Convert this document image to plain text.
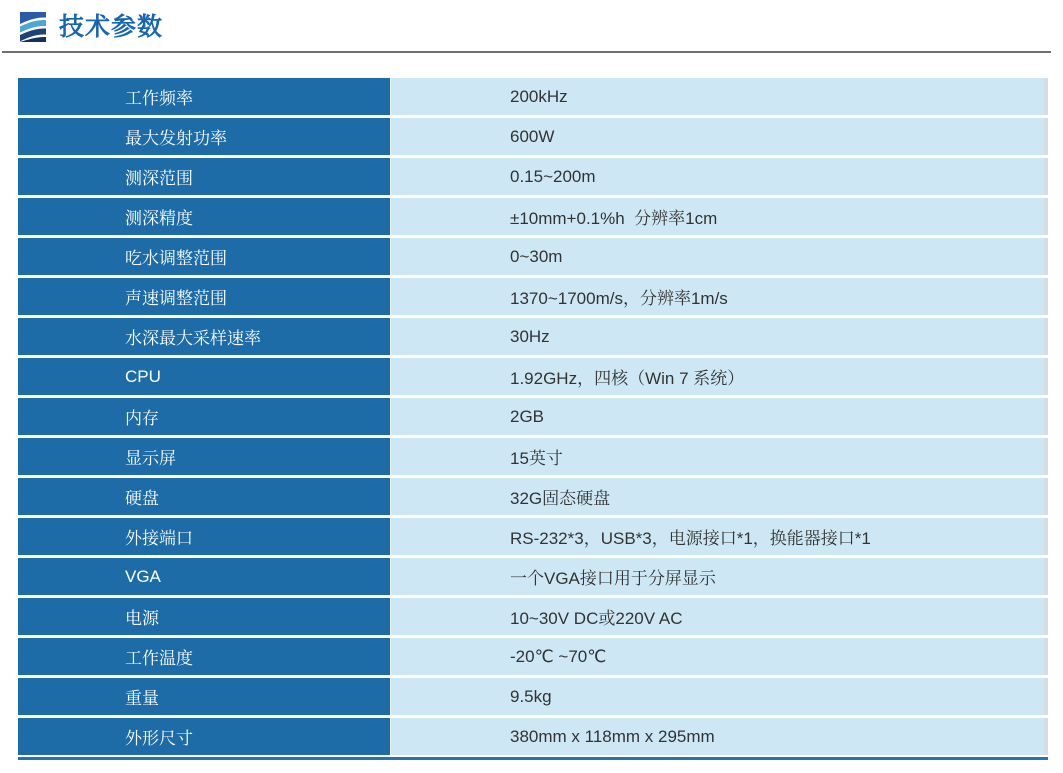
技术参数
工作频率	200kHz
最大发射功率	600W
测深范围	0.15~200m
测深精度	±10mm+0.1%h  分辨率1cm
吃水调整范围	0~30m
声速调整范围	1370~1700m/s，分辨率1m/s
水深最大采样速率	30Hz
CPU	1.92GHz，四核（Win 7 系统）
内存	2GB
显示屏	15英寸
硬盘	32G固态硬盘
外接端口	RS-232*3，USB*3，电源接口*1，换能器接口*1
VGA	一个VGA接口用于分屏显示
电源	10~30V DC或220V AC
工作温度	-20℃ ~70℃
重量	9.5kg
外形尺寸	380mm x 118mm x 295mm
